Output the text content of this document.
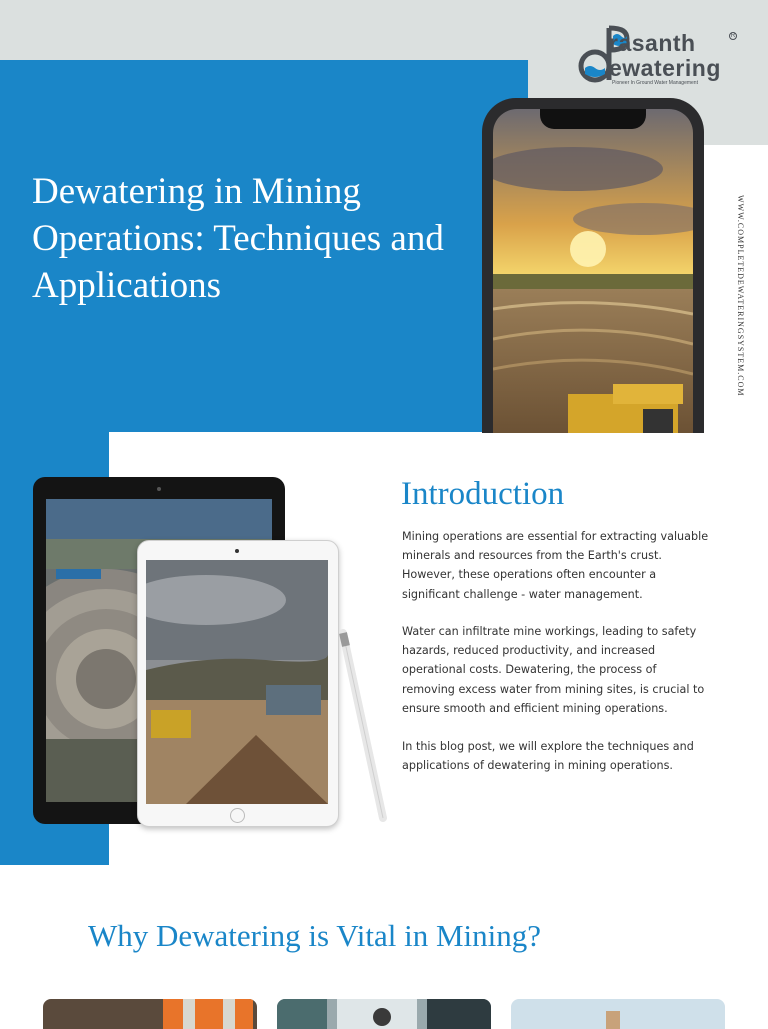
Dewatering in Mining Operations: Techniques and Applications
rasanth
ewatering
Pioneer In Ground Water Management
R
WWW.COMPLETEDEWATERINGSYSTEM.COM
Introduction

Mining operations are essential for extracting valuable minerals and resources from the Earth's crust. However, these operations often encounter a significant challenge - water management.

Water can infiltrate mine workings, leading to safety hazards, reduced productivity, and increased operational costs. Dewatering, the process of removing excess water from mining sites, is crucial to ensure smooth and efficient mining operations.

In this blog post, we will explore the techniques and applications of dewatering in mining operations.

Why Dewatering is Vital in Mining?
